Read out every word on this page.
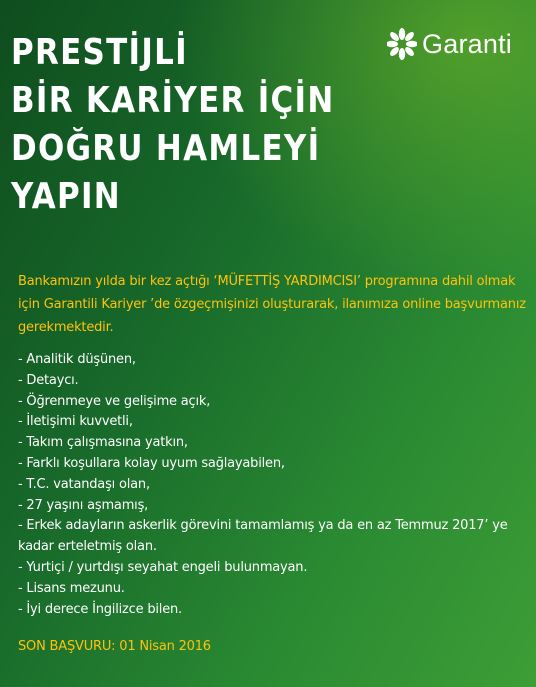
Garanti
PRESTİJLİ
BİR KARİYER İÇİN
DOĞRU HAMLEYİ
YAPIN

Bankamızın yılda bir kez açtığı ‘MÜFETTİŞ YARDIMCISI’ programına dahil olmak için Garantili Kariyer ’de özgeçmişinizi oluşturarak, ilanımıza online başvurmanız gerekmektedir.

- Analitik düşünen,
- Detaycı.
- Öğrenmeye ve gelişime açık,
- İletişimi kuvvetli,
- Takım çalışmasına yatkın,
- Farklı koşullara kolay uyum sağlayabilen,
- T.C. vatandaşı olan,
- 27 yaşını aşmamış,
- Erkek adayların askerlik görevini tamamlamış ya da en az Temmuz 2017’ ye kadar erteletmiş olan.
- Yurtiçi / yurtdışı seyahat engeli bulunmayan.
- Lisans mezunu.
- İyi derece İngilizce bilen.

SON BAŞVURU: 01 Nisan 2016
